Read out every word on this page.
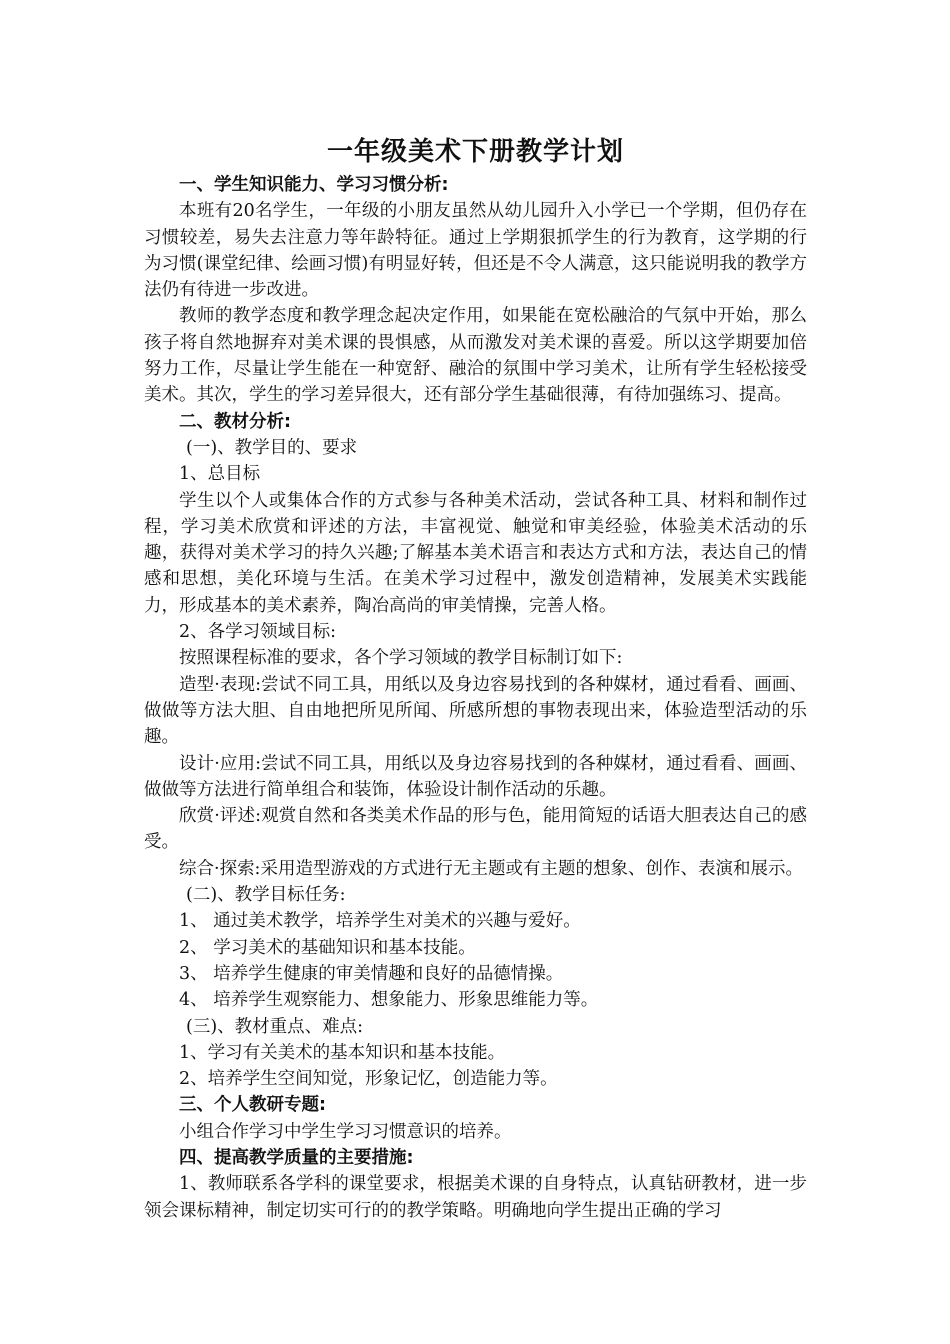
一年级美术下册教学计划

一、学生知识能力、学习习惯分析:

本班有20名学生，一年级的小朋友虽然从幼儿园升入小学已一个学期，但仍存在习惯较差，易失去注意力等年龄特征。通过上学期狠抓学生的行为教育，这学期的行为习惯(课堂纪律、绘画习惯)有明显好转，但还是不令人满意，这只能说明我的教学方法仍有待进一步改进。

教师的教学态度和教学理念起决定作用，如果能在宽松融洽的气氛中开始，那么孩子将自然地摒弃对美术课的畏惧感，从而激发对美术课的喜爱。所以这学期要加倍努力工作，尽量让学生能在一种宽舒、融洽的氛围中学习美术，让所有学生轻松接受美术。其次，学生的学习差异很大，还有部分学生基础很薄，有待加强练习、提高。

二、教材分析:

(一)、教学目的、要求

1、总目标

学生以个人或集体合作的方式参与各种美术活动，尝试各种工具、材料和制作过程，学习美术欣赏和评述的方法，丰富视觉、触觉和审美经验，体验美术活动的乐趣，获得对美术学习的持久兴趣;了解基本美术语言和表达方式和方法，表达自己的情感和思想，美化环境与生活。在美术学习过程中，激发创造精神，发展美术实践能力，形成基本的美术素养，陶冶高尚的审美情操，完善人格。

2、各学习领域目标:

按照课程标准的要求，各个学习领域的教学目标制订如下:

造型·表现:尝试不同工具，用纸以及身边容易找到的各种媒材，通过看看、画画、做做等方法大胆、自由地把所见所闻、所感所想的事物表现出来，体验造型活动的乐趣。

设计·应用:尝试不同工具，用纸以及身边容易找到的各种媒材，通过看看、画画、做做等方法进行简单组合和装饰，体验设计制作活动的乐趣。

欣赏·评述:观赏自然和各类美术作品的形与色，能用简短的话语大胆表达自己的感受。

综合·探索:采用造型游戏的方式进行无主题或有主题的想象、创作、表演和展示。

(二)、教学目标任务:

1、 通过美术教学，培养学生对美术的兴趣与爱好。

2、 学习美术的基础知识和基本技能。

3、 培养学生健康的审美情趣和良好的品德情操。

4、 培养学生观察能力、想象能力、形象思维能力等。

(三)、教材重点、难点:

1、学习有关美术的基本知识和基本技能。

2、培养学生空间知觉，形象记忆，创造能力等。

三、个人教研专题:

小组合作学习中学生学习习惯意识的培养。

四、提高教学质量的主要措施:

1、教师联系各学科的课堂要求，根据美术课的自身特点，认真钻研教材，进一步领会课标精神，制定切实可行的的教学策略。明确地向学生提出正确的学习
